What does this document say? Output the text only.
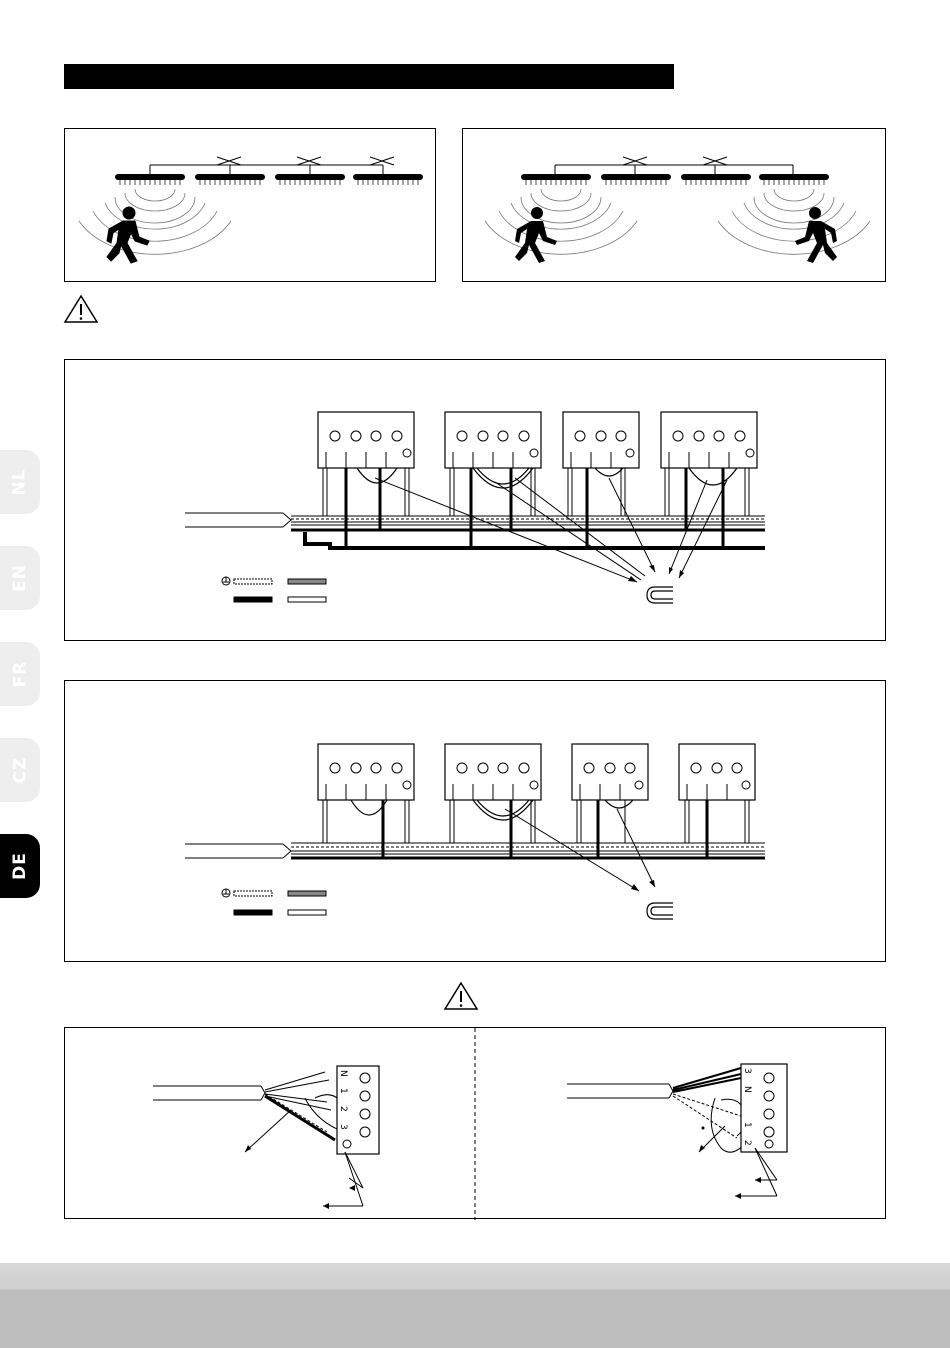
N
1
2
3
3
N
1
2
NL
EN
FR
CZ
DE
